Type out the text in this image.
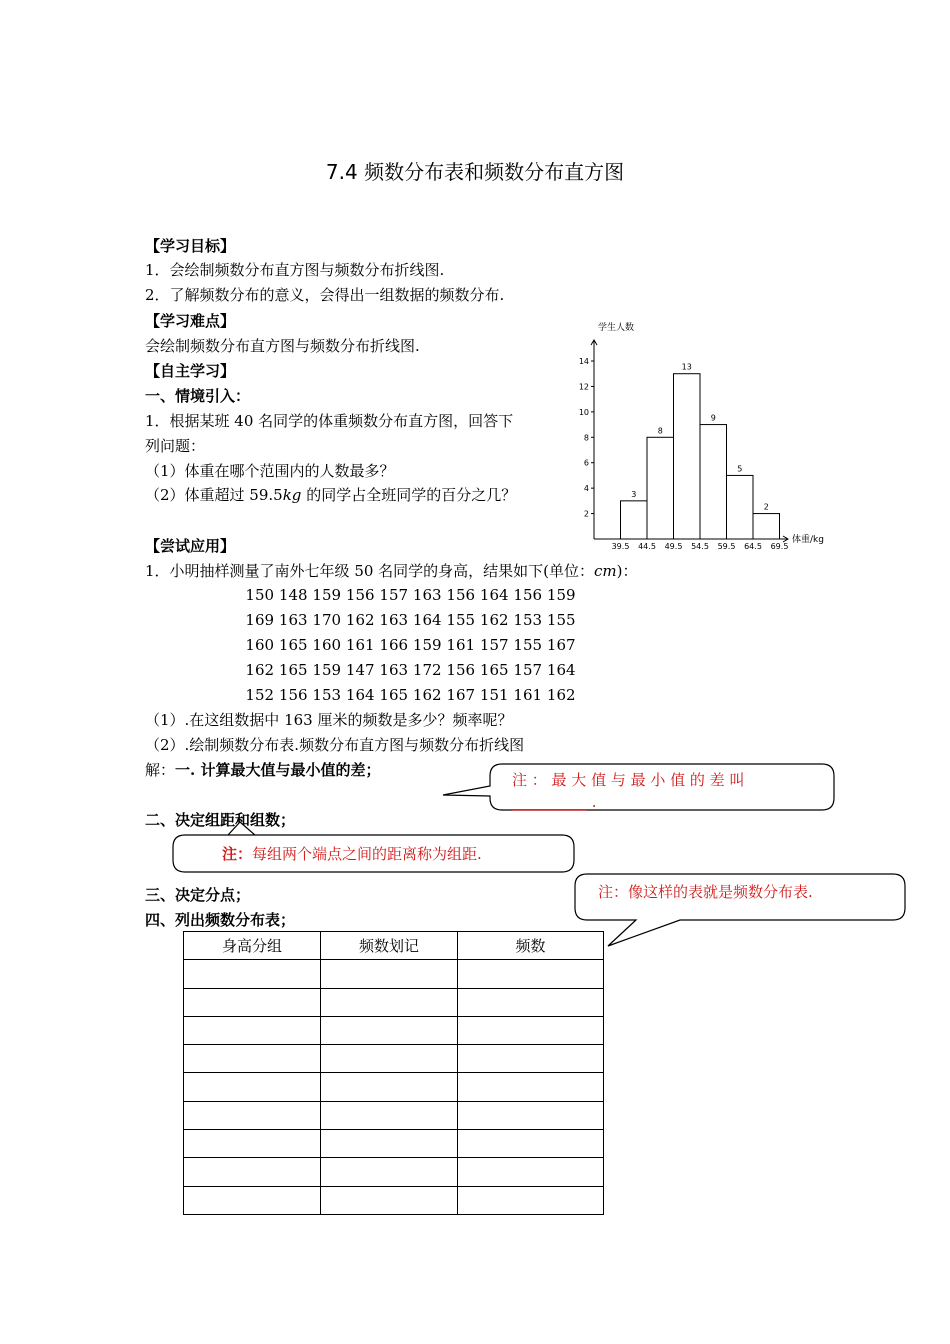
7.4 频数分布表和频数分布直方图
【学习目标】
1．会绘制频数分布直方图与频数分布折线图.
2．了解频数分布的意义，会得出一组数据的频数分布.
【学习难点】
会绘制频数分布直方图与频数分布折线图.
【自主学习】
一、情境引入：
1．根据某班 40 名同学的体重频数分布直方图，回答下
列问题：
（1）体重在哪个范围内的人数最多？
（2）体重超过 59.5kg 的同学占全班同学的百分之几？
学生人数
体重/kg
2
4
6
8
10
12
14
3
8
13
9
5
2
39.5 44.5 49.5 54.5 59.5 64.5 69.5
【尝试应用】
1．小明抽样测量了南外七年级 50 名同学的身高，结果如下(单位：cm)：
150 148 159 156 157 163 156 164 156 159
169 163 170 162 163 164 155 162 153 155
160 165 160 161 166 159 161 157 155 167
162 165 159 147 163 172 156 165 157 164
152 156 153 164 165 162 167 151 161 162
（1）.在这组数据中 163 厘米的频数是多少？频率呢？
（2）.绘制频数分布表.频数分布直方图与频数分布折线图
解：一. 计算最大值与最小值的差；
二、决定组距和组数；
三、决定分点；
四、列出频数分布表；
注 ： 最 大 值 与 最 小 值 的 差 叫
__________ .
注：每组两个端点之间的距离称为组距.
注：像这样的表就是频数分布表.
身高分组	频数划记	频数
